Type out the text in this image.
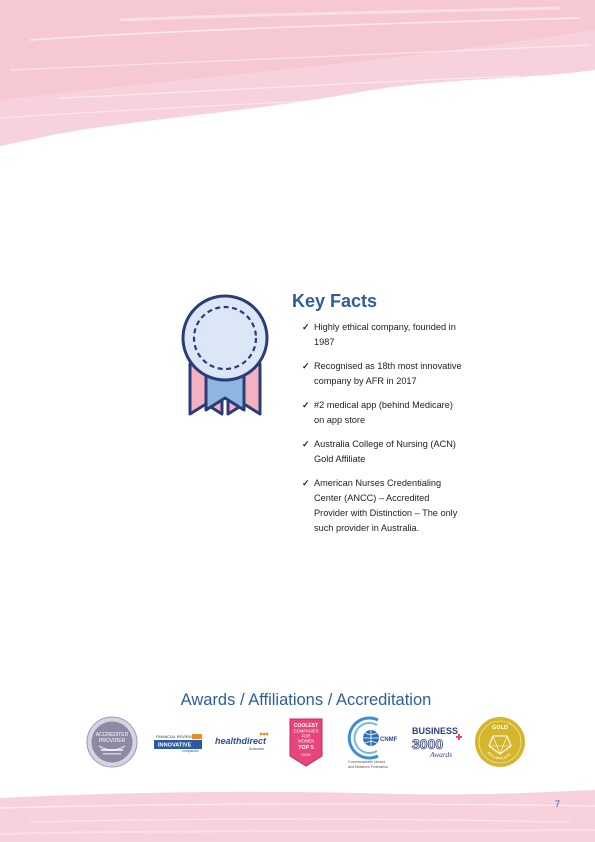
Key Facts
✓ Highly ethical company, founded in 1987
✓ Recognised as 18th most innovative company by AFR in 2017
✓ #2 medical app (behind Medicare) on app store
✓ Australia College of Nursing (ACN) Gold Affiliate
✓ American Nurses Credentialing Center (ANCC) – Accredited Provider with Distinction – The only such provider in Australia.
Awards / Affiliations / Accreditation
ACCREDITED
PROVIDER
FINANCIAL REVIEW
INNOVATIVE
companies
healthdirect
Australia
COOLEST
COMPANIES
FOR
WOMEN
TOP 5
~2016~
CNMF
Commonwealth Nurses
and Midwives Federation
BUSINESS
3000
Awards
GOLD
ACN AFFILIATE
7
